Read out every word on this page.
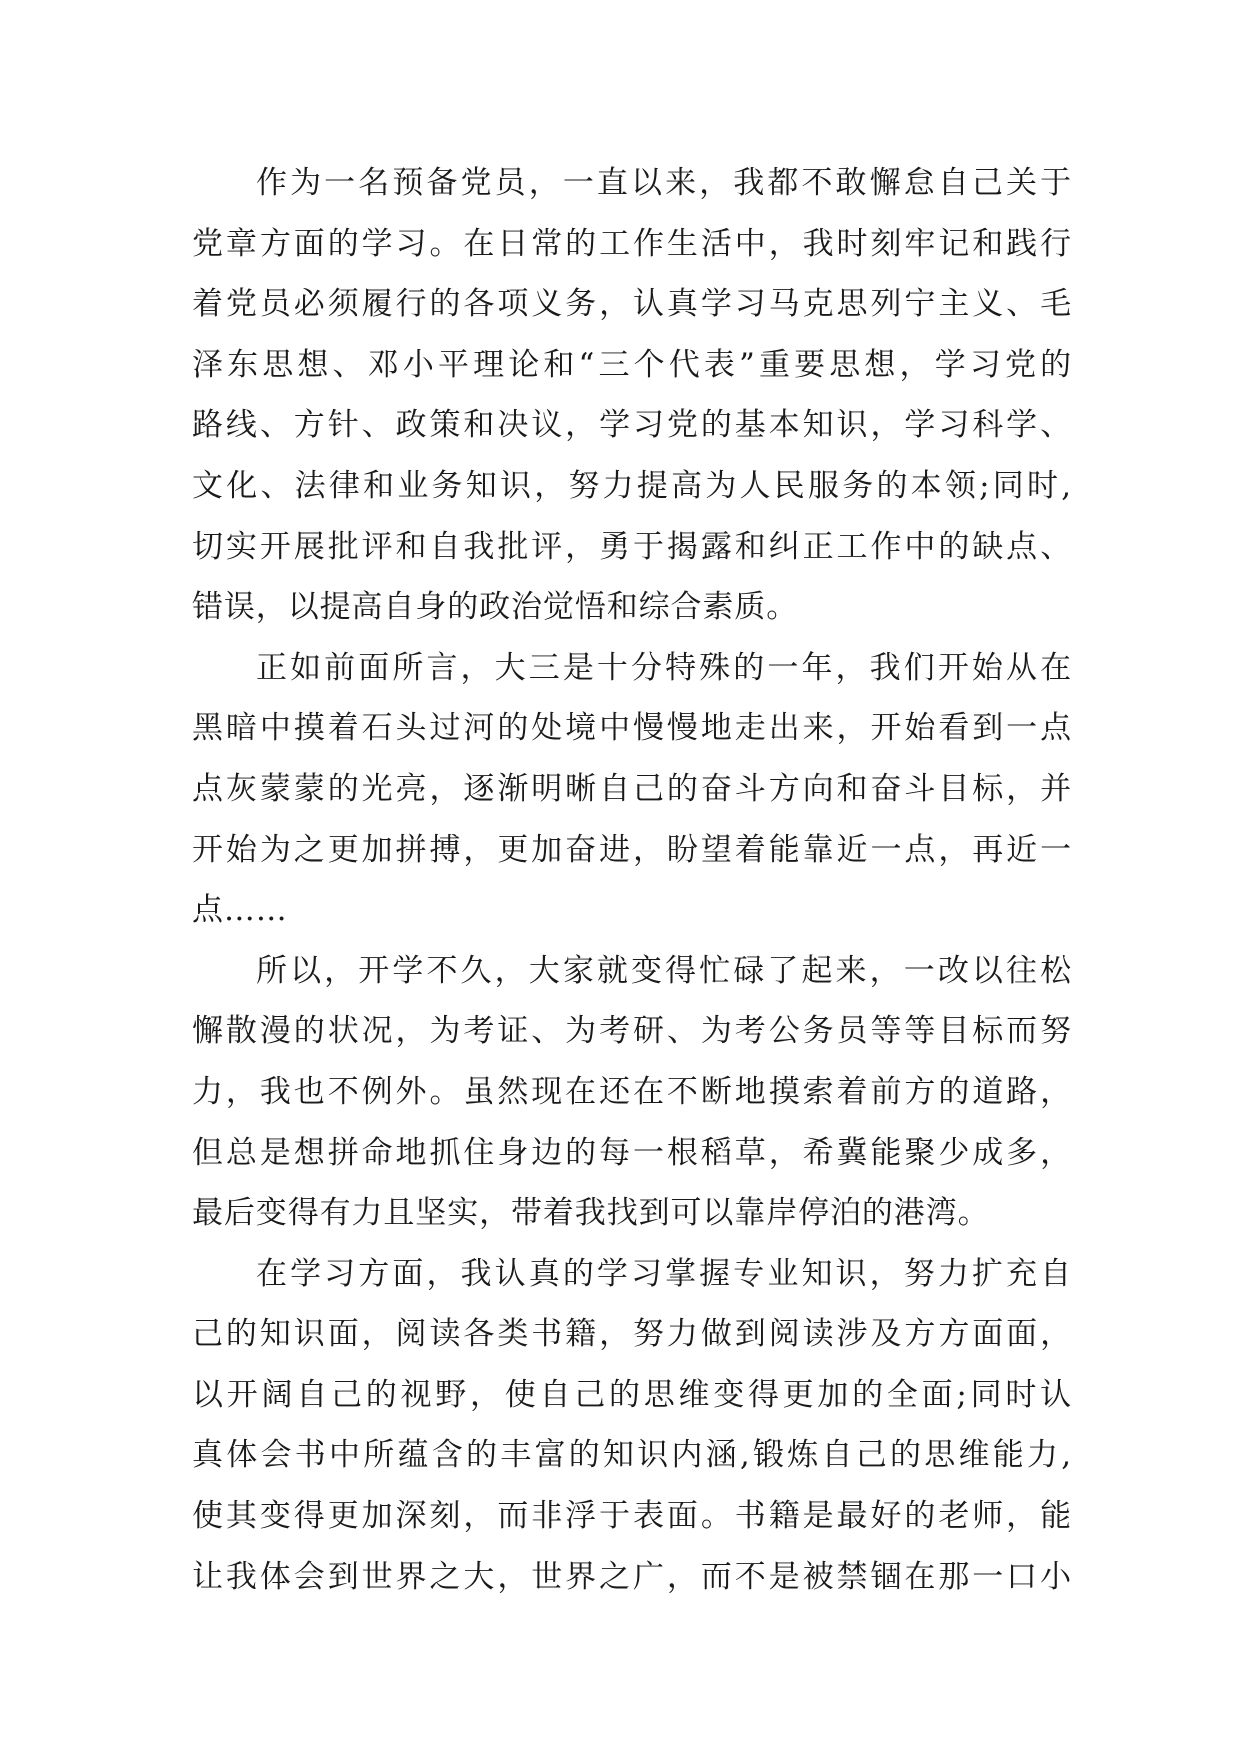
作为一名预备党员，一直以来，我都不敢懈怠自己关于
党章方面的学习。在日常的工作生活中，我时刻牢记和践行
着党员必须履行的各项义务，认真学习马克思列宁主义、毛
泽东思想、邓小平理论和“三个代表”重要思想，学习党的
路线、方针、政策和决议，学习党的基本知识，学习科学、
文化、法律和业务知识，努力提高为人民服务的本领;同时,
切实开展批评和自我批评，勇于揭露和纠正工作中的缺点、
错误，以提高自身的政治觉悟和综合素质。
正如前面所言，大三是十分特殊的一年，我们开始从在
黑暗中摸着石头过河的处境中慢慢地走出来，开始看到一点
点灰蒙蒙的光亮，逐渐明晰自己的奋斗方向和奋斗目标，并
开始为之更加拼搏，更加奋进，盼望着能靠近一点，再近一
点……
所以，开学不久，大家就变得忙碌了起来，一改以往松
懈散漫的状况，为考证、为考研、为考公务员等等目标而努
力，我也不例外。虽然现在还在不断地摸索着前方的道路，
但总是想拼命地抓住身边的每一根稻草，希冀能聚少成多，
最后变得有力且坚实，带着我找到可以靠岸停泊的港湾。
在学习方面，我认真的学习掌握专业知识，努力扩充自
己的知识面，阅读各类书籍，努力做到阅读涉及方方面面，
以开阔自己的视野，使自己的思维变得更加的全面;同时认
真体会书中所蕴含的丰富的知识内涵,锻炼自己的思维能力,
使其变得更加深刻，而非浮于表面。书籍是最好的老师，能
让我体会到世界之大，世界之广，而不是被禁锢在那一口小
